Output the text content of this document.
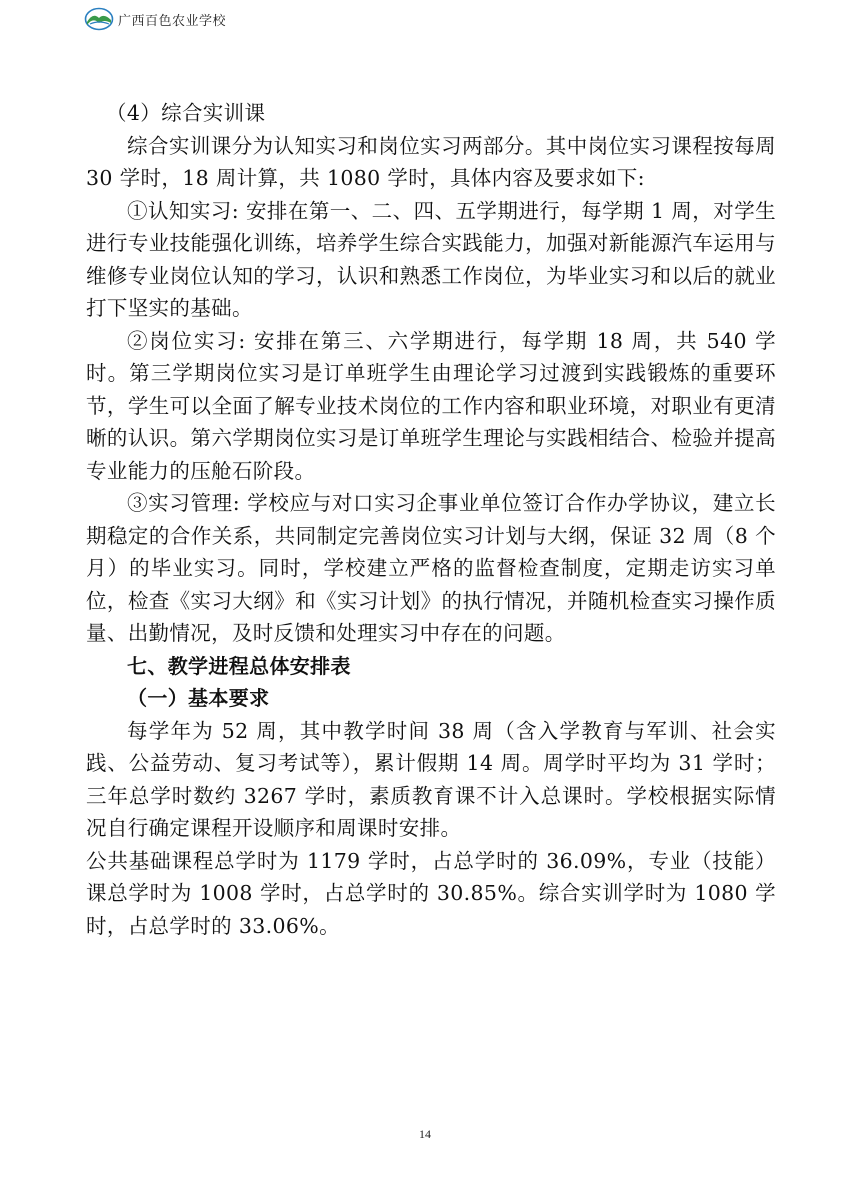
广西百色农业学校

（4）综合实训课

综合实训课分为认知实习和岗位实习两部分。其中岗位实习课程按每周 30 学时，18 周计算，共 1080 学时，具体内容及要求如下:

①认知实习: 安排在第一、二、四、五学期进行，每学期 1 周，对学生进行专业技能强化训练，培养学生综合实践能力，加强对新能源汽车运用与维修专业岗位认知的学习，认识和熟悉工作岗位，为毕业实习和以后的就业打下坚实的基础。

②岗位实习: 安排在第三、六学期进行，每学期 18 周，共 540 学时。第三学期岗位实习是订单班学生由理论学习过渡到实践锻炼的重要环节，学生可以全面了解专业技术岗位的工作内容和职业环境，对职业有更清晰的认识。第六学期岗位实习是订单班学生理论与实践相结合、检验并提高专业能力的压舱石阶段。

③实习管理: 学校应与对口实习企事业单位签订合作办学协议，建立长期稳定的合作关系，共同制定完善岗位实习计划与大纲，保证 32 周（8 个月）的毕业实习。同时，学校建立严格的监督检查制度，定期走访实习单位，检查《实习大纲》和《实习计划》的执行情况，并随机检查实习操作质量、出勤情况，及时反馈和处理实习中存在的问题。

七、教学进程总体安排表

（一）基本要求

每学年为 52 周，其中教学时间 38 周（含入学教育与军训、社会实践、公益劳动、复习考试等），累计假期 14 周。周学时平均为 31 学时；三年总学时数约 3267 学时，素质教育课不计入总课时。学校根据实际情况自行确定课程开设顺序和周课时安排。

公共基础课程总学时为 1179 学时，占总学时的 36.09%，专业（技能）课总学时为 1008 学时，占总学时的 30.85%。综合实训学时为 1080 学时，占总学时的 33.06%。

14
